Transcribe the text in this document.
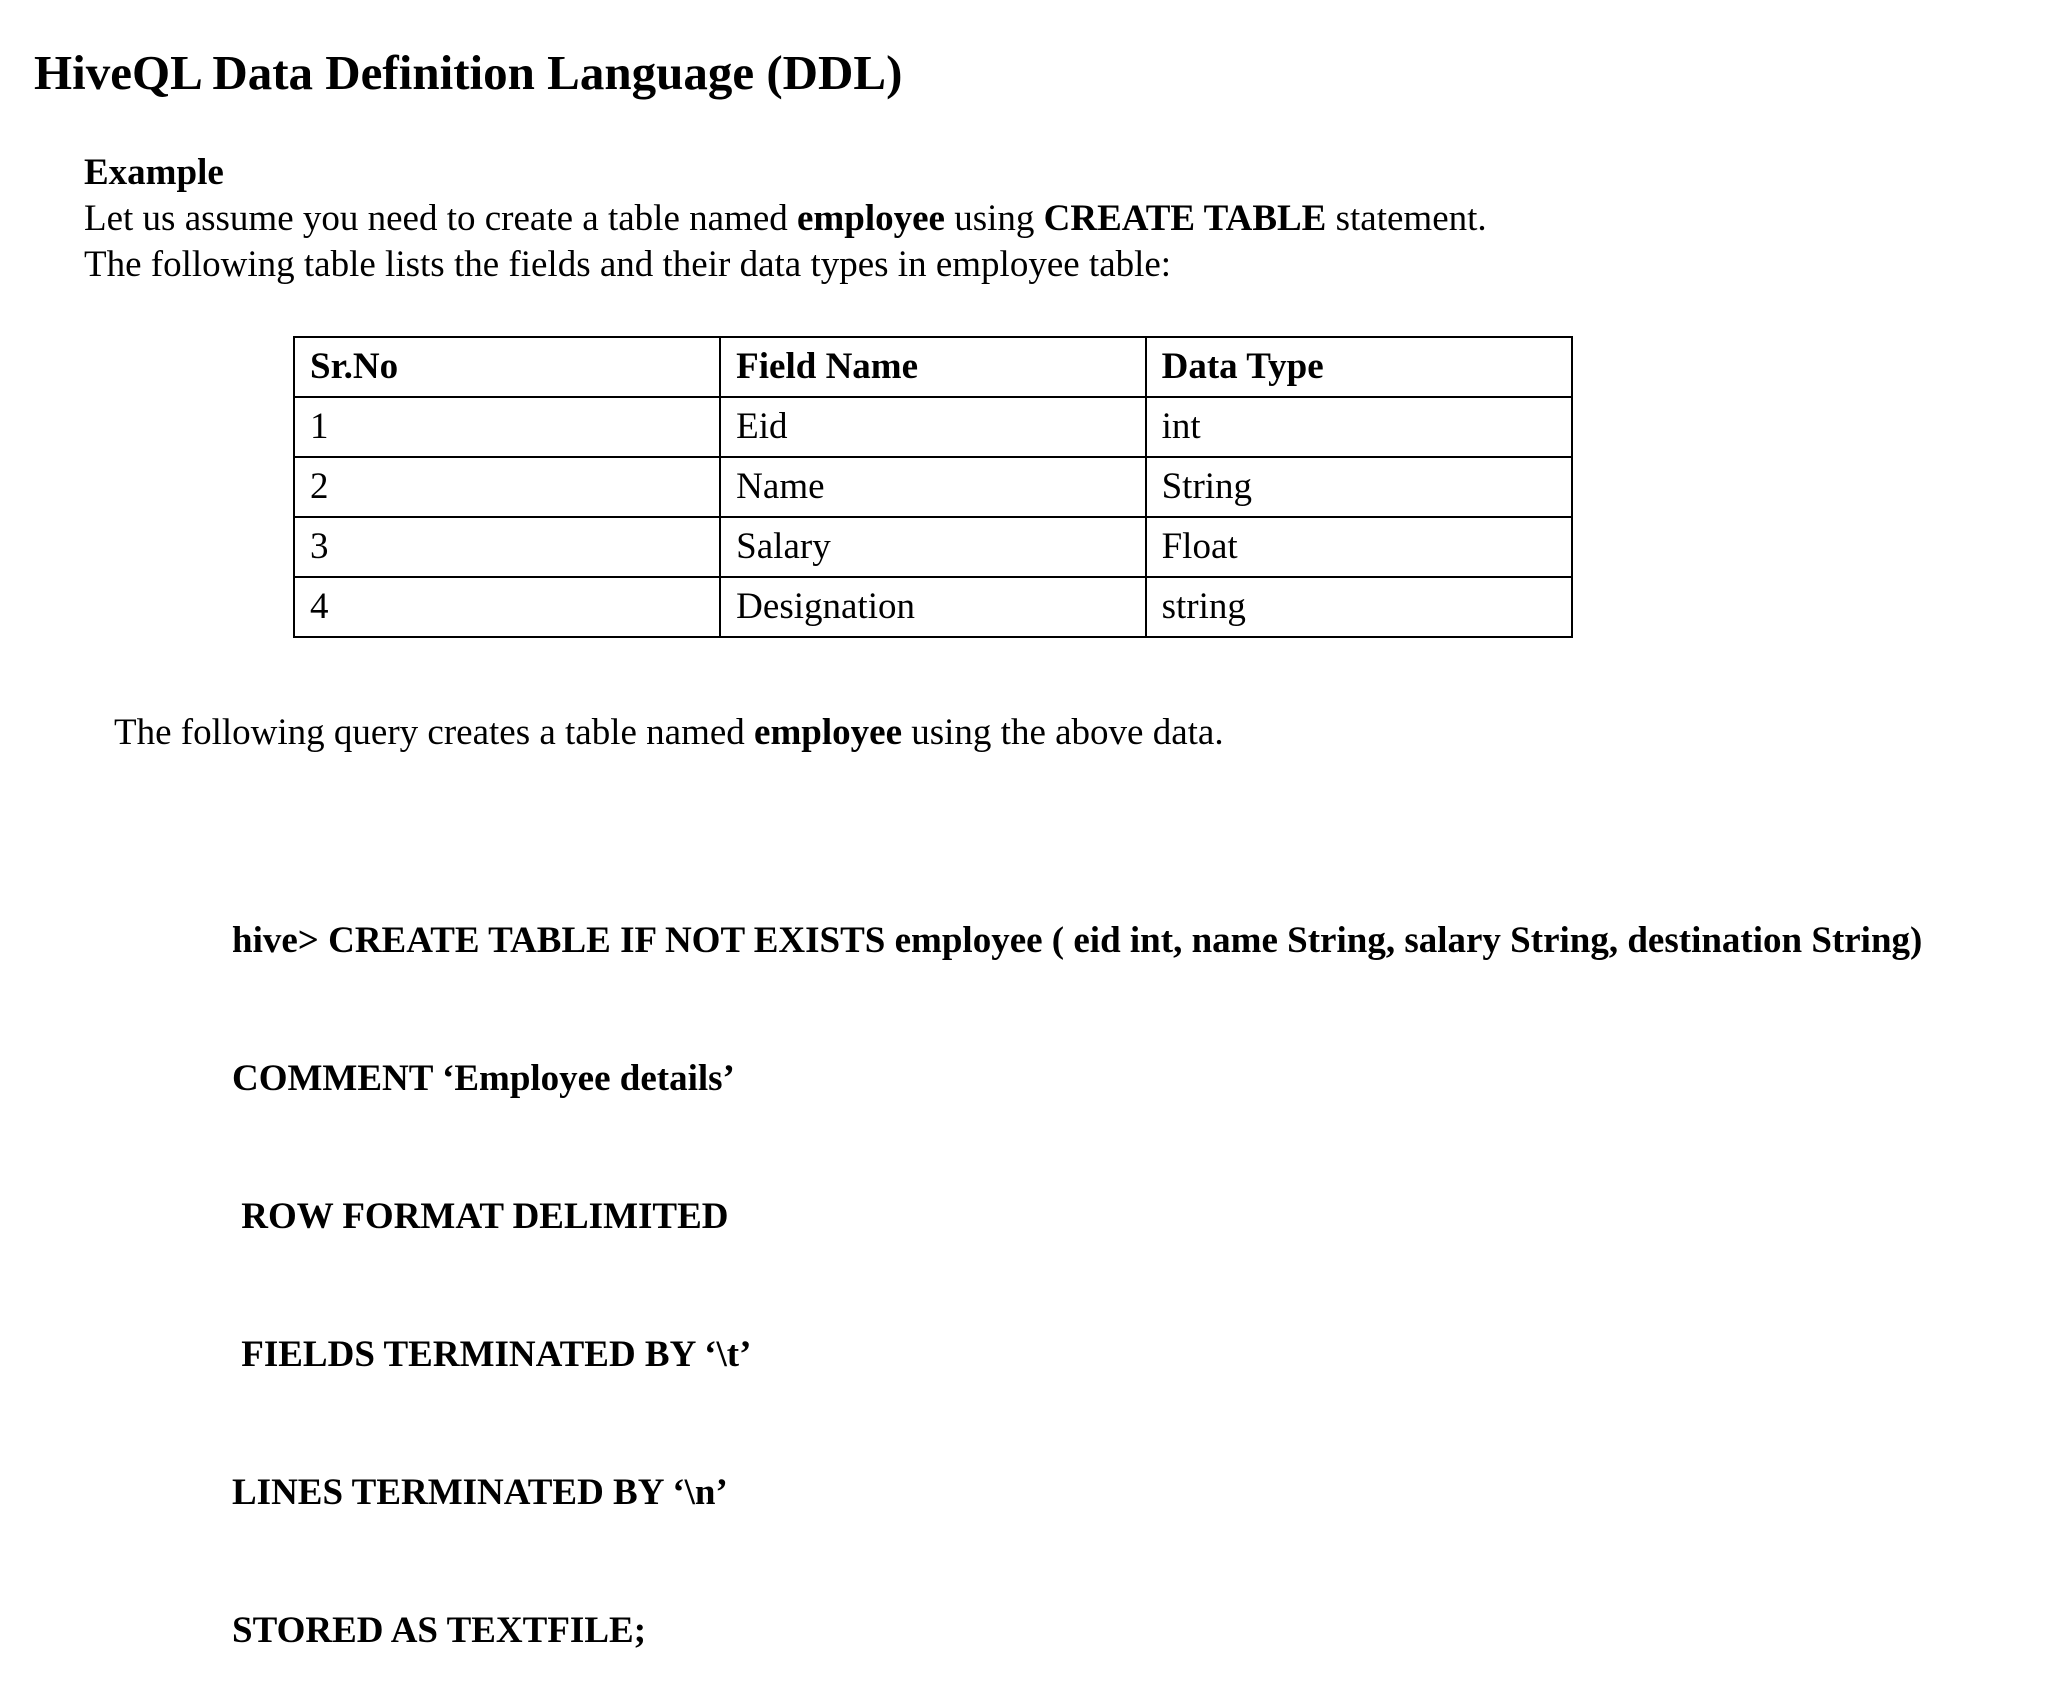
HiveQL Data Definition Language (DDL)
Example
Let us assume you need to create a table named employee using CREATE TABLE statement.
The following table lists the fields and their data types in employee table:
Sr.No	Field Name	Data Type
1	Eid	int
2	Name	String
3	Salary	Float
4	Designation	string
The following query creates a table named employee using the above data.

hive> CREATE TABLE IF NOT EXISTS employee ( eid int, name String, salary String, destination String)

COMMENT ‘Employee details’

ROW FORMAT DELIMITED

FIELDS TERMINATED BY ‘\t’

LINES TERMINATED BY ‘\n’

STORED AS TEXTFILE;
